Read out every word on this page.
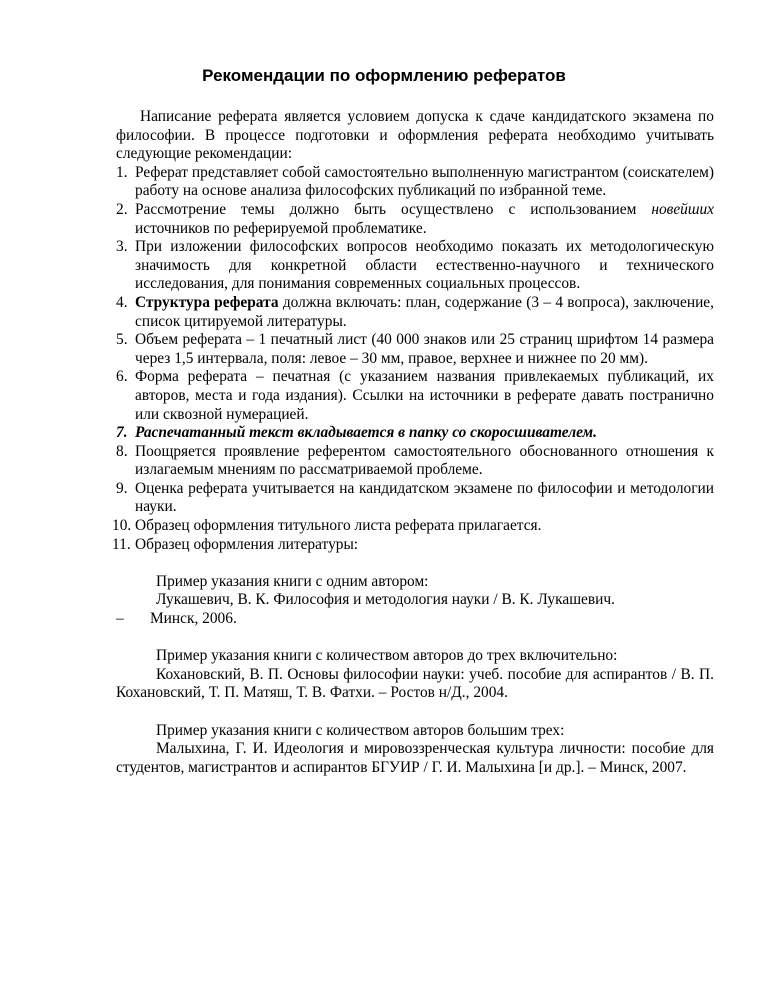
Рекомендации по оформлению рефератов

Написание реферата является условием допуска к сдаче кандидатского экзамена по философии. В процессе подготовки и оформления реферата необходимо учитывать следующие рекомендации:

1. Реферат представляет собой самостоятельно выполненную магистрантом (соискателем) работу на основе анализа философских публикаций по избранной теме.
2. Рассмотрение темы должно быть осуществлено с использованием новейших источников по реферируемой проблематике.
3. При изложении философских вопросов необходимо показать их методологическую значимость для конкретной области естественно-научного и технического исследования, для понимания современных социальных процессов.
4. Структура реферата должна включать: план, содержание (3 – 4 вопроса), заключение, список цитируемой литературы.
5. Объем реферата – 1 печатный лист (40 000 знаков или 25 страниц шрифтом 14 размера через 1,5 интервала, поля: левое – 30 мм, правое, верхнее и нижнее по 20 мм).
6. Форма реферата – печатная (с указанием названия привлекаемых публикаций, их авторов, места и года издания). Ссылки на источники в реферате давать постранично или сквозной нумерацией.
7. Распечатанный текст вкладывается в папку со скоросшивателем.
8. Поощряется проявление референтом самостоятельного обоснованного отношения к излагаемым мнениям по рассматриваемой проблеме.
9. Оценка реферата учитывается на кандидатском экзамене по философии и методологии науки.
10. Образец оформления титульного листа реферата прилагается.
11. Образец оформления литературы:

Пример указания книги с одним автором:

Лукашевич, В. К. Философия и методология науки / В. К. Лукашевич.

– Минск, 2006.

Пример указания книги с количеством авторов до трех включительно:

Кохановский, В. П. Основы философии науки: учеб. пособие для аспирантов / В. П. Кохановский, Т. П. Матяш, Т. В. Фатхи. – Ростов н/Д., 2004.

Пример указания книги с количеством авторов большим трех:

Малыхина, Г. И. Идеология и мировоззренческая культура личности: пособие для студентов, магистрантов и аспирантов БГУИР / Г. И. Малыхина [и др.]. – Минск, 2007.
